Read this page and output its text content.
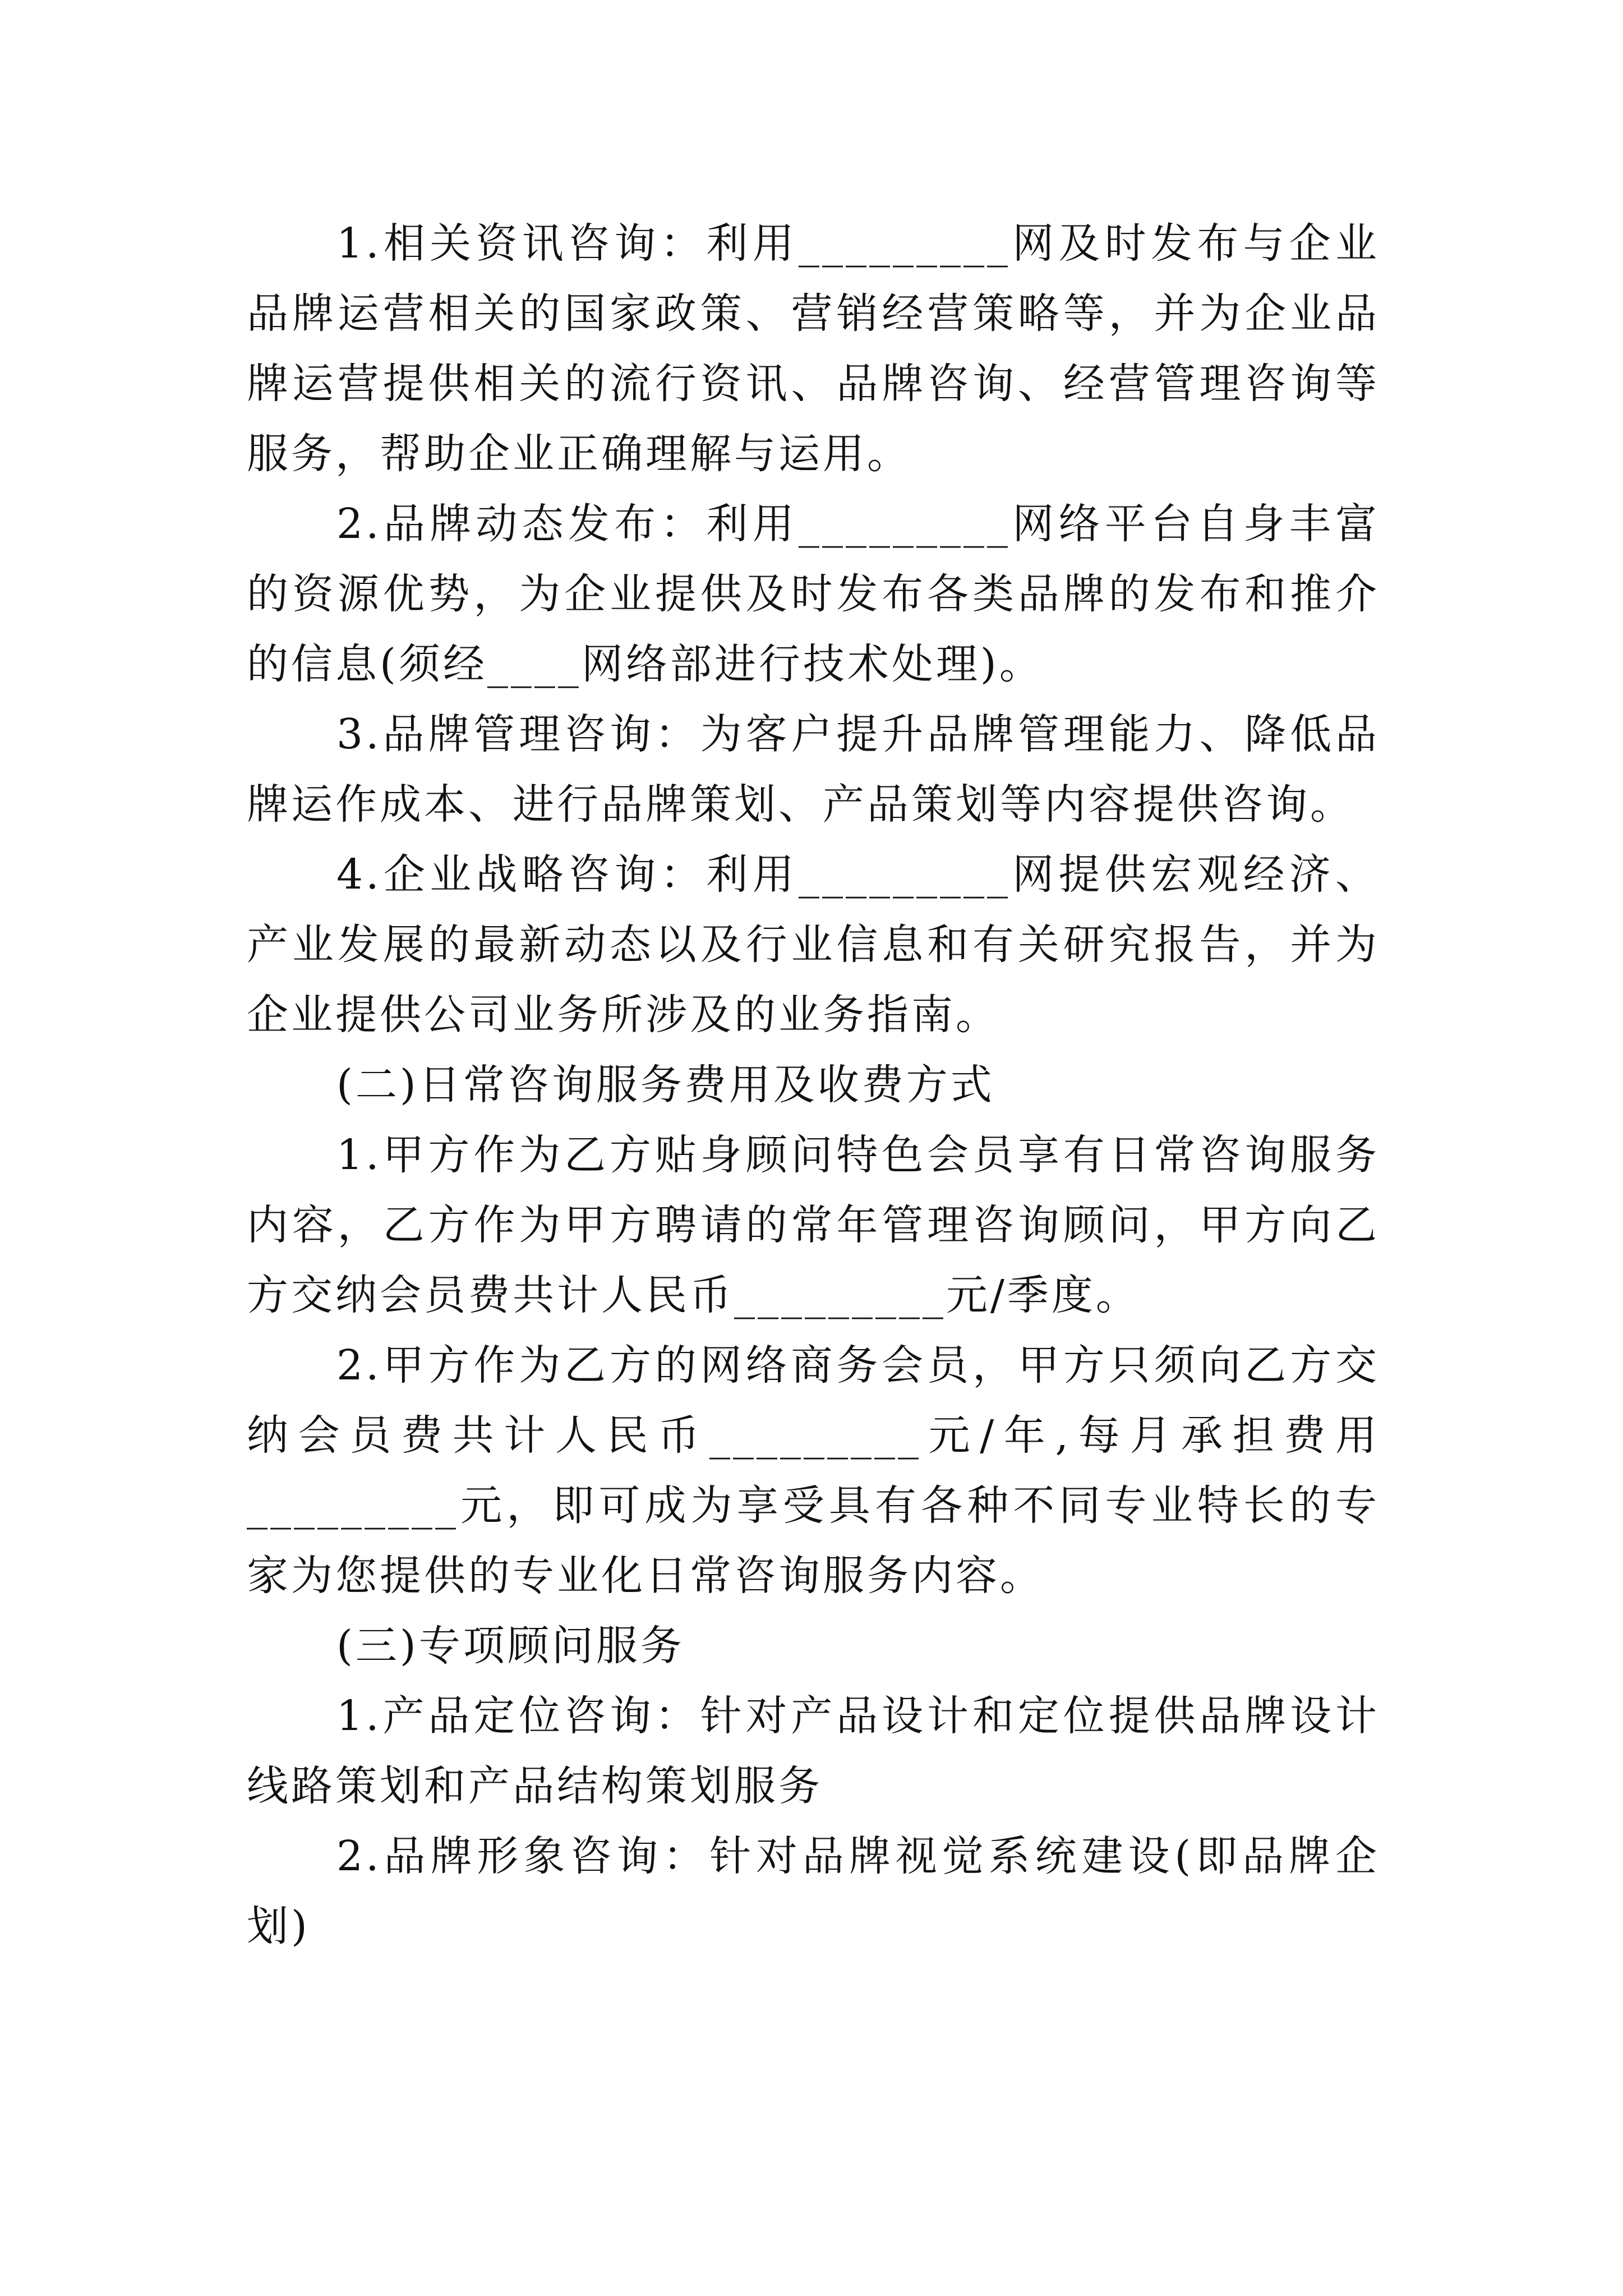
1.相关资讯咨询：利用_________网及时发布与企业品牌运营相关的国家政策、营销经营策略等，并为企业品牌运营提供相关的流行资讯、品牌咨询、经营管理咨询等服务，帮助企业正确理解与运用。

2.品牌动态发布：利用_________网络平台自身丰富的资源优势，为企业提供及时发布各类品牌的发布和推介的信息(须经____网络部进行技术处理)。

3.品牌管理咨询：为客户提升品牌管理能力、降低品牌运作成本、进行品牌策划、产品策划等内容提供咨询。

4.企业战略咨询：利用_________网提供宏观经济、产业发展的最新动态以及行业信息和有关研究报告，并为企业提供公司业务所涉及的业务指南。

(二)日常咨询服务费用及收费方式

1.甲方作为乙方贴身顾问特色会员享有日常咨询服务内容，乙方作为甲方聘请的常年管理咨询顾问，甲方向乙方交纳会员费共计人民币_________元/季度。

2.甲方作为乙方的网络商务会员，甲方只须向乙方交纳会员费共计人民币_________元/年,每月承担费用_________元，即可成为享受具有各种不同专业特长的专家为您提供的专业化日常咨询服务内容。

(三)专项顾问服务

1.产品定位咨询：针对产品设计和定位提供品牌设计线路策划和产品结构策划服务

2.品牌形象咨询：针对品牌视觉系统建设(即品牌企划)
